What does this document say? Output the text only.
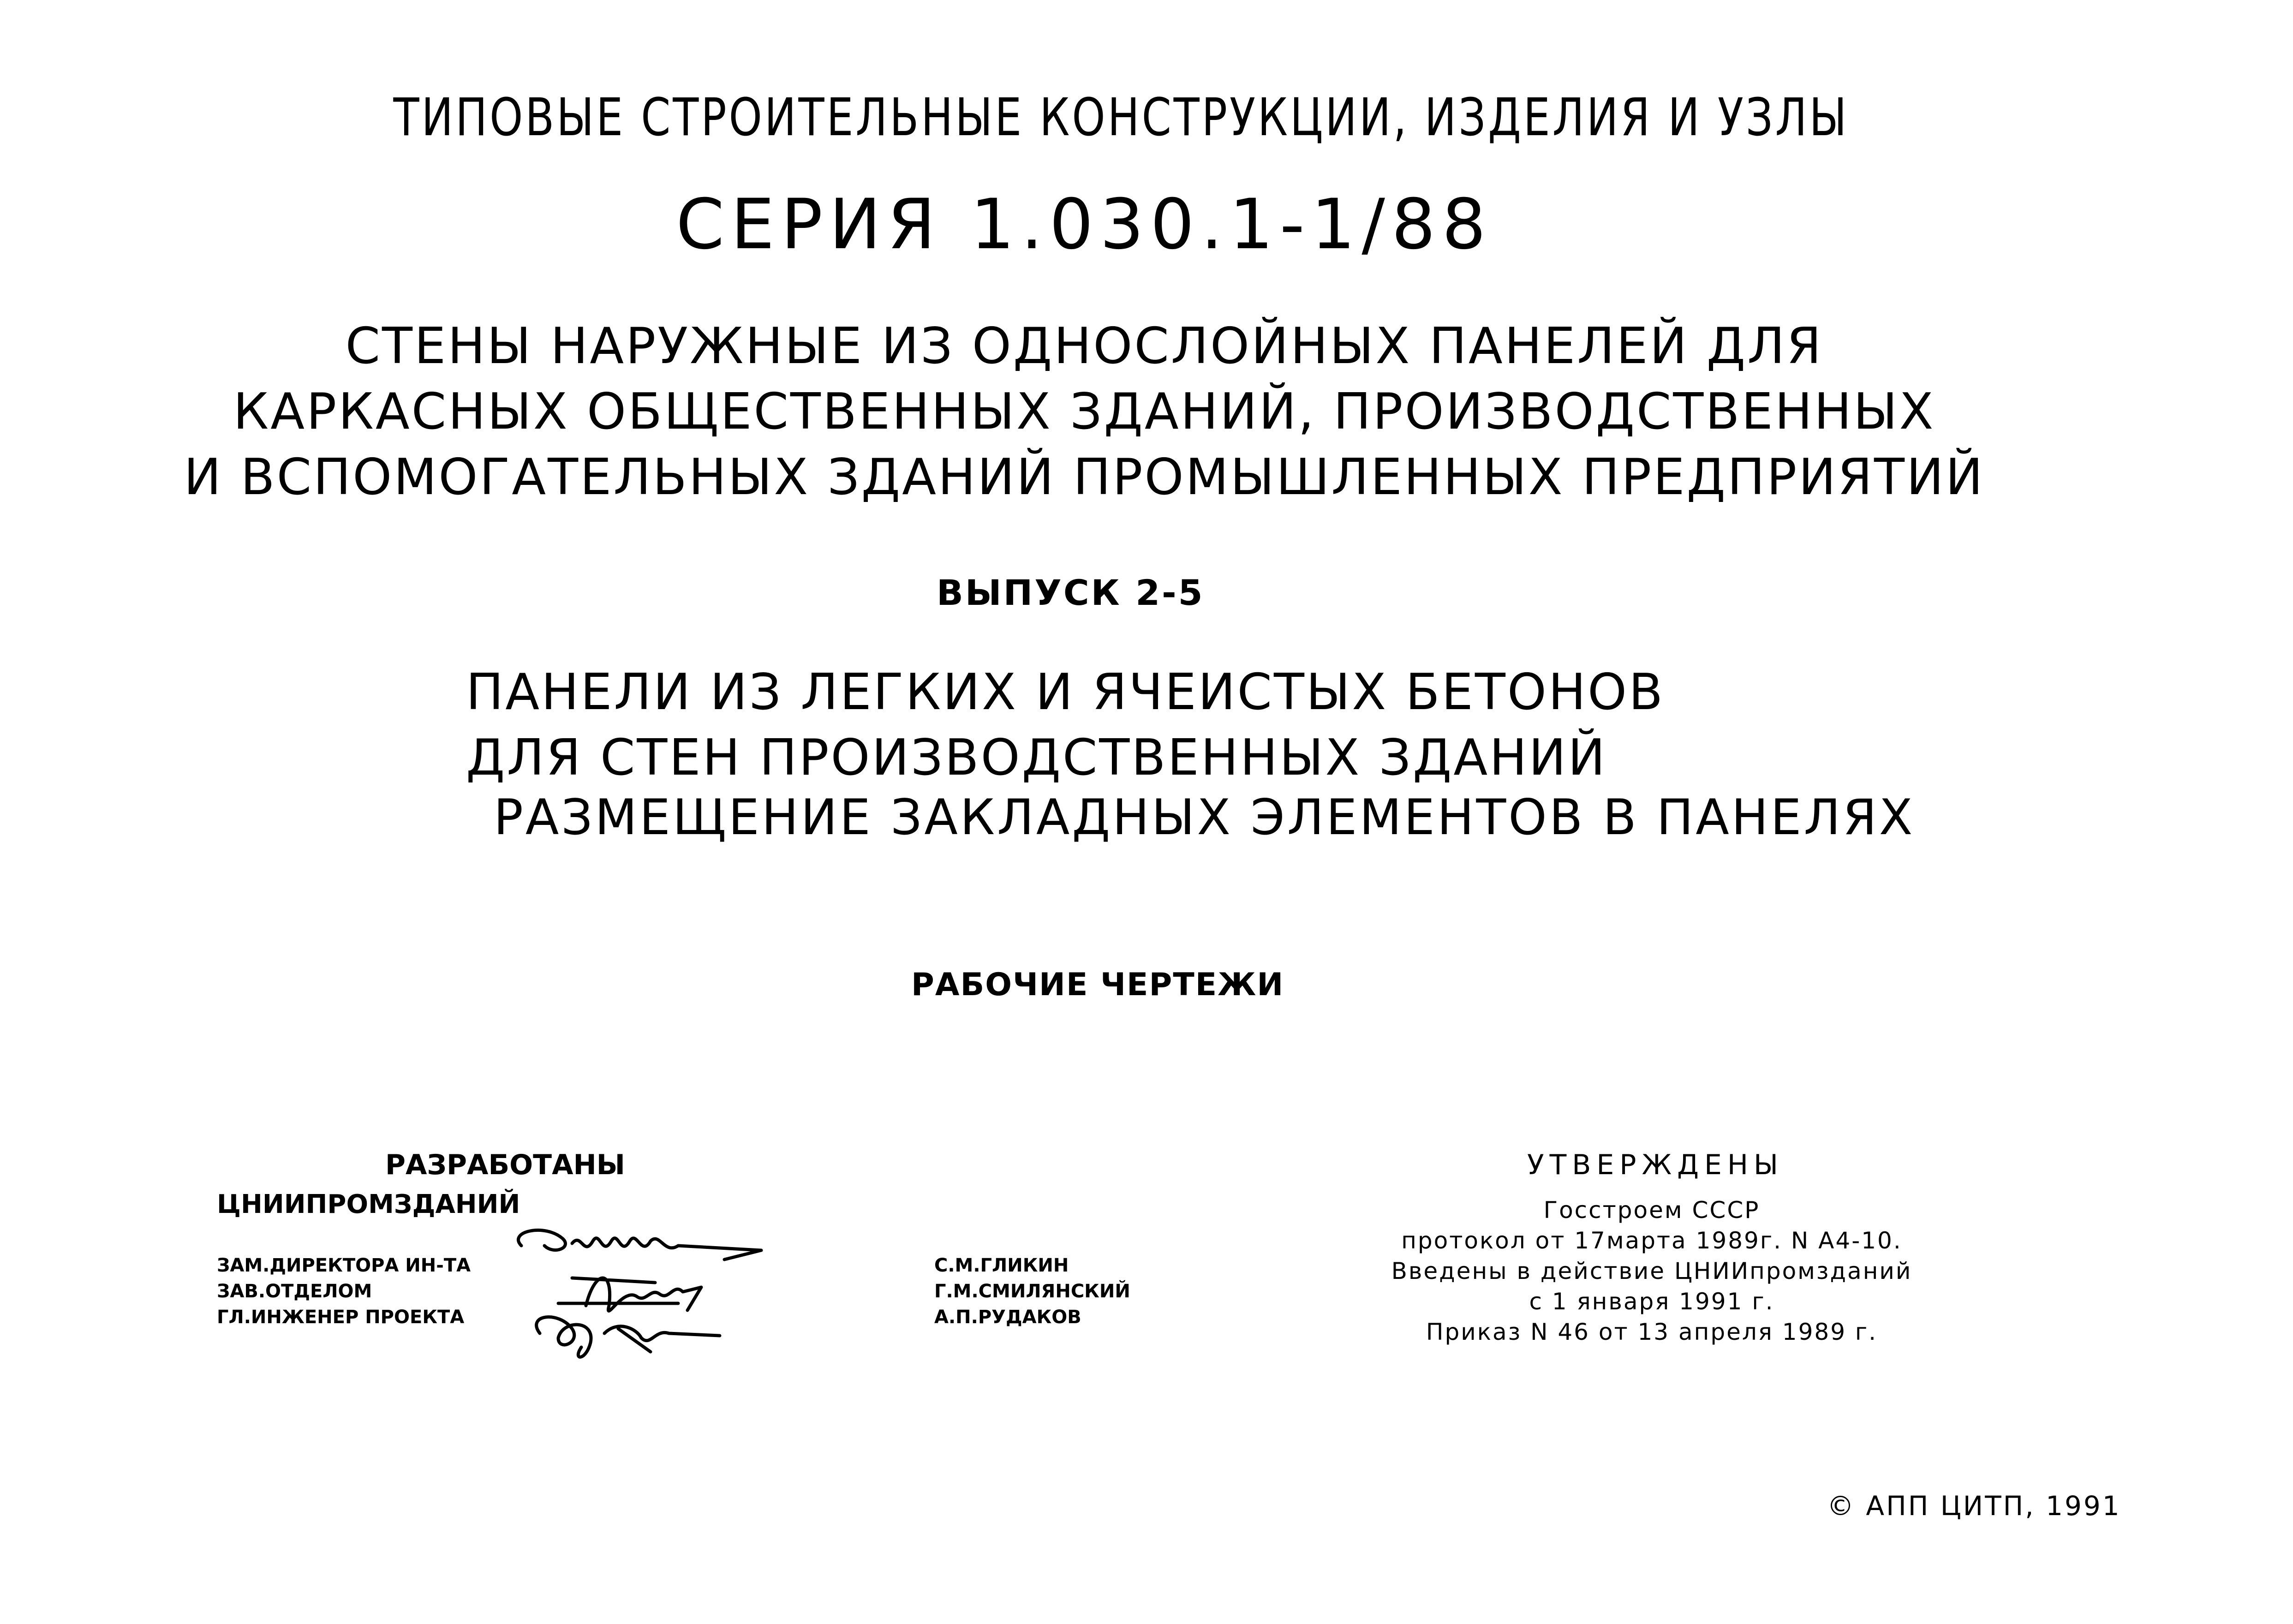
ТИПОВЫЕ СТРОИТЕЛЬНЫЕ КОНСТРУКЦИИ, ИЗДЕЛИЯ И УЗЛЫ
СЕРИЯ 1.030.1-1/88
СТЕНЫ НАРУЖНЫЕ ИЗ ОДНОСЛОЙНЫХ ПАНЕЛЕЙ ДЛЯ
КАРКАСНЫХ ОБЩЕСТВЕННЫХ ЗДАНИЙ, ПРОИЗВОДСТВЕННЫХ
И ВСПОМОГАТЕЛЬНЫХ ЗДАНИЙ ПРОМЫШЛЕННЫХ ПРЕДПРИЯТИЙ
ВЫПУСК 2-5
ПАНЕЛИ ИЗ ЛЕГКИХ И ЯЧЕИСТЫХ БЕТОНОВ
ДЛЯ СТЕН ПРОИЗВОДСТВЕННЫХ ЗДАНИЙ
РАЗМЕЩЕНИЕ ЗАКЛАДНЫХ ЭЛЕМЕНТОВ В ПАНЕЛЯХ
РАБОЧИЕ ЧЕРТЕЖИ
РАЗРАБОТАНЫ
ЦНИИПРОМЗДАНИЙ
ЗАМ.ДИРЕКТОРА ИН-ТА
ЗАВ.ОТДЕЛОМ
ГЛ.ИНЖЕНЕР ПРОЕКТА
С.М.ГЛИКИН
Г.М.СМИЛЯНСКИЙ
А.П.РУДАКОВ
УТВЕРЖДЕНЫ
Госстроем СССР
протокол от 17марта 1989г. N А4-10.
Введены в действие ЦНИИпромзданий
с 1 января 1991 г.
Приказ N 46 от 13 апреля 1989 г.
© АПП ЦИТП, 1991
